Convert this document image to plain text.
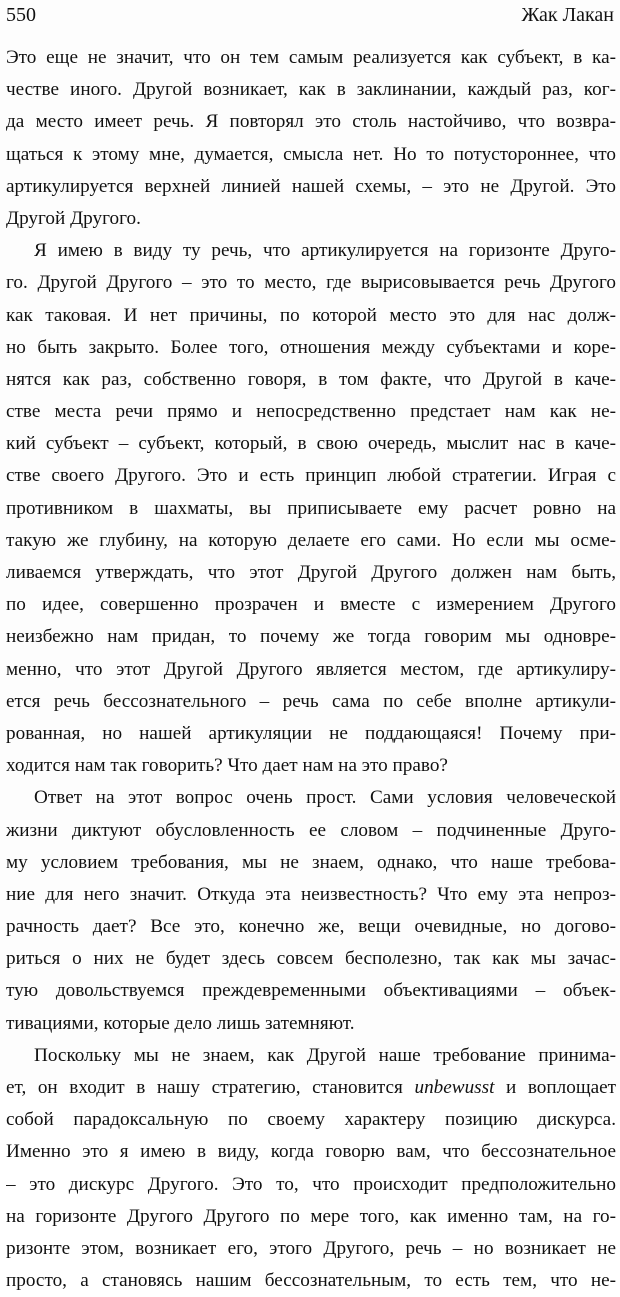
550	Жак Лакан
Это еще не значит, что он тем самым реализуется как субъект, в ка-
честве иного. Другой возникает, как в заклинании, каждый раз, ког-
да место имеет речь. Я повторял это столь настойчиво, что возвра-
щаться к этому мне, думается, смысла нет. Но то потустороннее, что
артикулируется верхней линией нашей схемы, – это не Другой. Это
Другой Другого.
Я имею в виду ту речь, что артикулируется на горизонте Друго-
го. Другой Другого – это то место, где вырисовывается речь Другого
как таковая. И нет причины, по которой место это для нас долж-
но быть закрыто. Более того, отношения между субъектами и коре-
нятся как раз, собственно говоря, в том факте, что Другой в каче-
стве места речи прямо и непосредственно предстает нам как не-
кий субъект – субъект, который, в свою очередь, мыслит нас в каче-
стве своего Другого. Это и есть принцип любой стратегии. Играя с
противником в шахматы, вы приписываете ему расчет ровно на
такую же глубину, на которую делаете его сами. Но если мы осме-
ливаемся утверждать, что этот Другой Другого должен нам быть,
по идее, совершенно прозрачен и вместе с измерением Другого
неизбежно нам придан, то почему же тогда говорим мы одновре-
менно, что этот Другой Другого является местом, где артикулиру-
ется речь бессознательного – речь сама по себе вполне артикули-
рованная, но нашей артикуляции не поддающаяся! Почему при-
ходится нам так говорить? Что дает нам на это право?
Ответ на этот вопрос очень прост. Сами условия человеческой
жизни диктуют обусловленность ее словом – подчиненные Друго-
му условием требования, мы не знаем, однако, что наше требова-
ние для него значит. Откуда эта неизвестность? Что ему эта непроз-
рачность дает? Все это, конечно же, вещи очевидные, но догово-
риться о них не будет здесь совсем бесполезно, так как мы зачас-
тую довольствуемся преждевременными объективациями – объек-
тивациями, которые дело лишь затемняют.
Поскольку мы не знаем, как Другой наше требование принима-
ет, он входит в нашу стратегию, становится unbewusst и воплощает
собой парадоксальную по своему характеру позицию дискурса.
Именно это я имею в виду, когда говорю вам, что бессознательное
– это дискурс Другого. Это то, что происходит предположительно
на горизонте Другого Другого по мере того, как именно там, на го-
ризонте этом, возникает его, этого Другого, речь – но возникает не
просто, а становясь нашим бессознательным, то есть тем, что не-
